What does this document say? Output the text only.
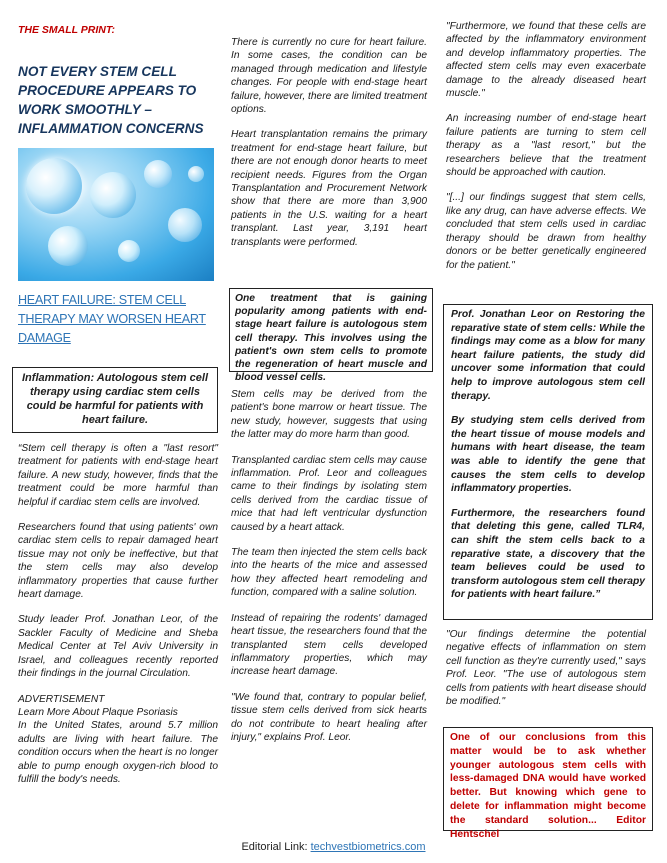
THE SMALL PRINT:
NOT EVERY STEM CELL PROCEDURE APPEARS TO WORK SMOOTHLY – INFLAMMATION CONCERNS
HEART FAILURE: STEM CELL THERAPY MAY WORSEN HEART DAMAGE
Inflammation: Autologous stem cell therapy using cardiac stem cells could be harmful for patients with heart failure.

“Stem cell therapy is often a "last resort" treatment for patients with end-stage heart failure. A new study, however, finds that the treatment could be more harmful than helpful if cardiac stem cells are involved.

Researchers found that using patients' own cardiac stem cells to repair damaged heart tissue may not only be ineffective, but that the stem cells may also develop inflammatory properties that cause further heart damage.

Study leader Prof. Jonathan Leor, of the Sackler Faculty of Medicine and Sheba Medical Center at Tel Aviv University in Israel, and colleagues recently reported their findings in the journal Circulation.

ADVERTISEMENT
Learn More About Plaque Psoriasis

In the United States, around 5.7 million adults are living with heart failure. The condition occurs when the heart is no longer able to pump enough oxygen-rich blood to fulfill the body's needs.

There is currently no cure for heart failure. In some cases, the condition can be managed through medication and lifestyle changes. For people with end-stage heart failure, however, there are limited treatment options.

Heart transplantation remains the primary treatment for end-stage heart failure, but there are not enough donor hearts to meet recipient needs. Figures from the Organ Transplantation and Procurement Network show that there are more than 3,900 patients in the U.S. waiting for a heart transplant. Last year, 3,191 heart transplants were performed.

One treatment that is gaining popularity among patients with end-stage heart failure is autologous stem cell therapy. This involves using the patient's own stem cells to promote the regeneration of heart muscle and blood vessel cells.

Stem cells may be derived from the patient's bone marrow or heart tissue. The new study, however, suggests that using the latter may do more harm than good.

Transplanted cardiac stem cells may cause inflammation. Prof. Leor and colleagues came to their findings by isolating stem cells derived from the cardiac tissue of mice that had left ventricular dysfunction caused by a heart attack.

The team then injected the stem cells back into the hearts of the mice and assessed how they affected heart remodeling and function, compared with a saline solution.

Instead of repairing the rodents' damaged heart tissue, the researchers found that the transplanted stem cells developed inflammatory properties, which may increase heart damage.

"We found that, contrary to popular belief, tissue stem cells derived from sick hearts do not contribute to heart healing after injury," explains Prof. Leor.

"Furthermore, we found that these cells are affected by the inflammatory environment and develop inflammatory properties. The affected stem cells may even exacerbate damage to the already diseased heart muscle."

An increasing number of end-stage heart failure patients are turning to stem cell therapy as a "last resort," but the researchers believe that the treatment should be approached with caution.

"[...] our findings suggest that stem cells, like any drug, can have adverse effects. We concluded that stem cells used in cardiac therapy should be drawn from healthy donors or be better genetically engineered for the patient."

Prof. Jonathan Leor on Restoring the reparative state of stem cells: While the findings may come as a blow for many heart failure patients, the study did uncover some information that could help to improve autologous stem cell therapy.

By studying stem cells derived from the heart tissue of mouse models and humans with heart disease, the team was able to identify the gene that causes the stem cells to develop inflammatory properties.

Furthermore, the researchers found that deleting this gene, called TLR4, can shift the stem cells back to a reparative state, a discovery that the team believes could be used to transform autologous stem cell therapy for patients with heart failure.”

"Our findings determine the potential negative effects of inflammation on stem cell function as they're currently used," says Prof. Leor. "The use of autologous stem cells from patients with heart disease should be modified."

One of our conclusions from this matter would be to ask whether younger autologous stem cells with less-damaged DNA would have worked better. But knowing which gene to delete for inflammation might become the standard solution... Editor Hentschel
Editorial Link: techvestbiometrics.com
